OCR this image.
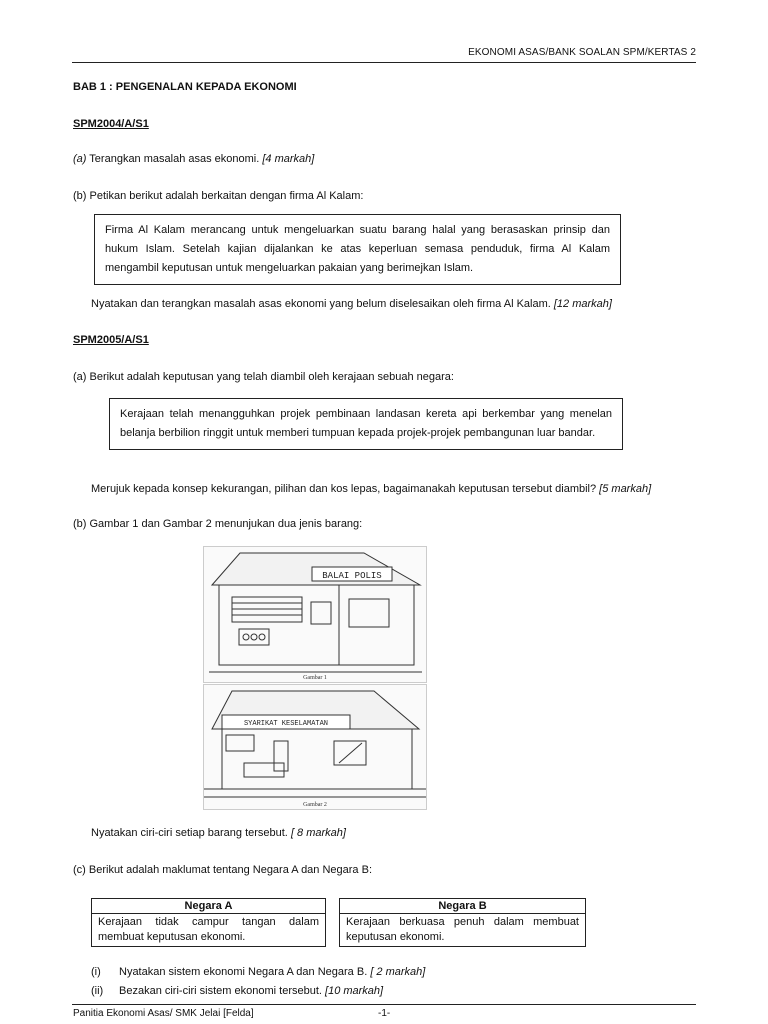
EKONOMI ASAS/BANK SOALAN SPM/KERTAS 2
BAB 1 : PENGENALAN KEPADA EKONOMI
SPM2004/A/S1
(a) Terangkan masalah asas ekonomi. [4 markah]
(b) Petikan berikut adalah berkaitan dengan firma Al Kalam:
Firma Al Kalam merancang untuk mengeluarkan suatu barang halal yang berasaskan prinsip dan hukum Islam. Setelah kajian dijalankan ke atas keperluan semasa penduduk, firma Al Kalam mengambil keputusan untuk mengeluarkan pakaian yang berimejkan Islam.
Nyatakan dan terangkan masalah asas ekonomi yang belum diselesaikan oleh firma Al Kalam. [12 markah]
SPM2005/A/S1
(a) Berikut adalah keputusan yang telah diambil oleh kerajaan sebuah negara:
Kerajaan telah menangguhkan projek pembinaan landasan kereta api berkembar yang menelan belanja berbilion ringgit untuk memberi tumpuan kepada projek-projek pembangunan luar bandar.
Merujuk kepada konsep kekurangan, pilihan dan kos lepas, bagaimanakah keputusan tersebut diambil? [5 markah]
(b) Gambar 1 dan Gambar 2 menunjukan dua jenis barang:
BALAI POLIS
Gambar 1
SYARIKAT KESELAMATAN
Gambar 2
Nyatakan ciri-ciri setiap barang tersebut. [ 8 markah]
(c) Berikut adalah maklumat tentang Negara A dan Negara B:
Negara A
Kerajaan tidak campur tangan dalam membuat keputusan ekonomi.
Negara B
Kerajaan berkuasa penuh dalam membuat keputusan ekonomi.
(i) Nyatakan sistem ekonomi Negara A dan Negara B. [ 2 markah]
(ii) Bezakan ciri-ciri sistem ekonomi tersebut. [10 markah]
Panitia Ekonomi Asas/ SMK Jelai [Felda]	-1-
